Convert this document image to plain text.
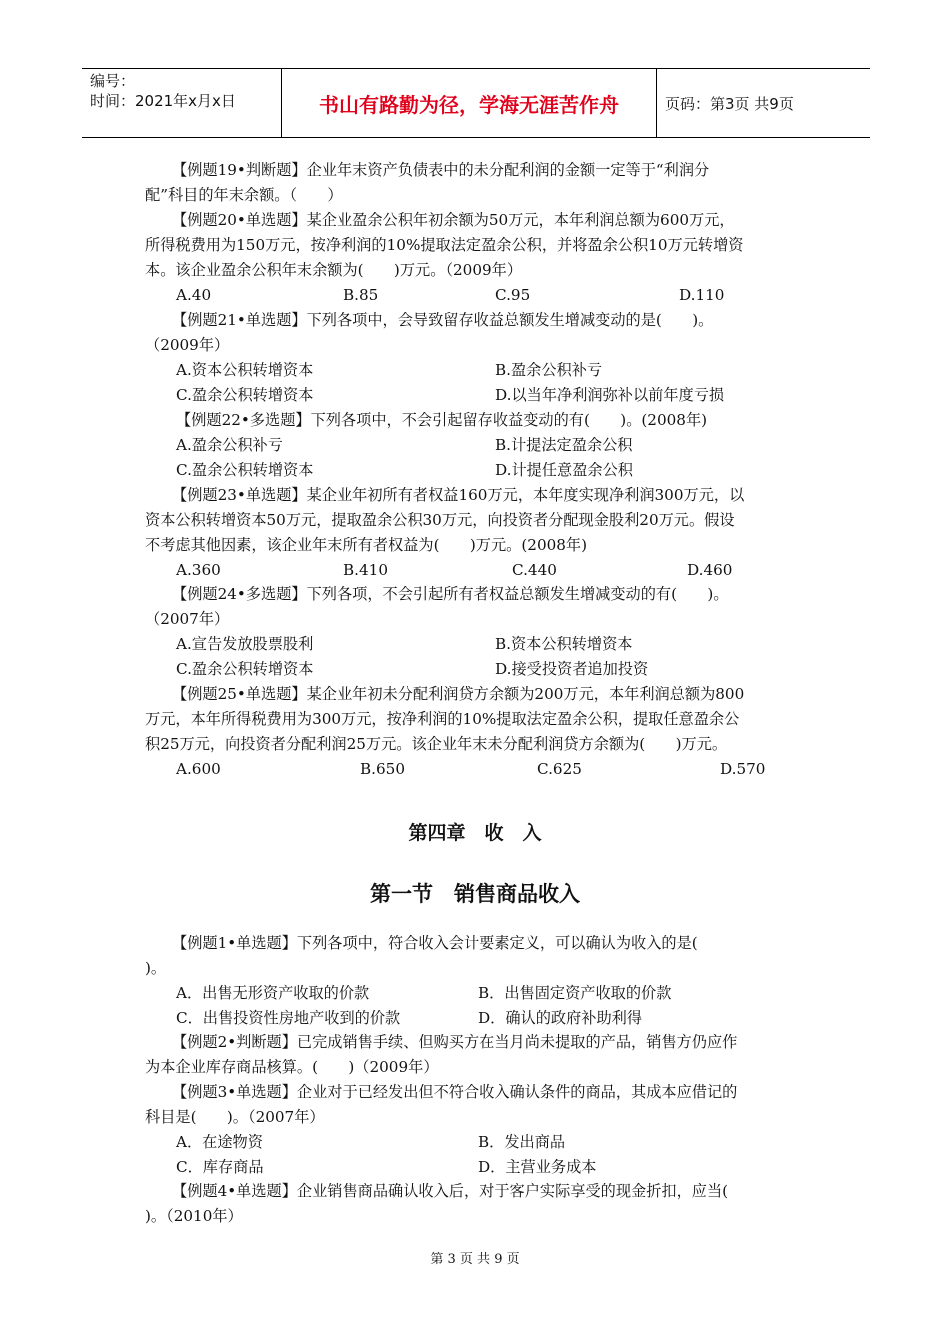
编号：
时间：2021年x月x日	书山有路勤为径，学海无涯苦作舟	页码：第3页 共9页
【例题19•判断题】企业年末资产负债表中的未分配利润的金额一定等于“利润分
配”科目的年末余额。（　　）
【例题20•单选题】某企业盈余公积年初余额为50万元，本年利润总额为600万元，
所得税费用为150万元，按净利润的10%提取法定盈余公积，并将盈余公积10万元转增资
本。该企业盈余公积年末余额为(　　)万元。（2009年）
A.40	B.85	C.95	D.110
【例题21•单选题】下列各项中，会导致留存收益总额发生增减变动的是(　　)。
（2009年）
A.资本公积转增资本	B.盈余公积补亏
C.盈余公积转增资本	D.以当年净利润弥补以前年度亏损
【例题22•多选题】下列各项中，不会引起留存收益变动的有(　　)。(2008年)
A.盈余公积补亏	B.计提法定盈余公积
C.盈余公积转增资本	D.计提任意盈余公积
【例题23•单选题】某企业年初所有者权益160万元，本年度实现净利润300万元，以
资本公积转增资本50万元，提取盈余公积30万元，向投资者分配现金股利20万元。假设
不考虑其他因素，该企业年末所有者权益为(　　)万元。(2008年)
A.360	B.410	C.440	D.460
【例题24•多选题】下列各项，不会引起所有者权益总额发生增减变动的有(　　)。
（2007年）
A.宣告发放股票股利	B.资本公积转增资本
C.盈余公积转增资本	D.接受投资者追加投资
【例题25•单选题】某企业年初未分配利润贷方余额为200万元，本年利润总额为800
万元，本年所得税费用为300万元，按净利润的10%提取法定盈余公积，提取任意盈余公
积25万元，向投资者分配利润25万元。该企业年末未分配利润贷方余额为(　　)万元。
A.600	B.650	C.625	D.570
第四章　收　入
第一节　销售商品收入
【例题1•单选题】下列各项中，符合收入会计要素定义，可以确认为收入的是(
)。
A．出售无形资产收取的价款	B．出售固定资产收取的价款
C．出售投资性房地产收到的价款	D．确认的政府补助利得
【例题2•判断题】已完成销售手续、但购买方在当月尚未提取的产品，销售方仍应作
为本企业库存商品核算。(　　)（2009年）
【例题3•单选题】企业对于已经发出但不符合收入确认条件的商品，其成本应借记的
科目是(　　)。（2007年）
A．在途物资	B．发出商品
C．库存商品	D．主营业务成本
【例题4•单选题】企业销售商品确认收入后，对于客户实际享受的现金折扣，应当(
)。（2010年）
第 3 页 共 9 页
